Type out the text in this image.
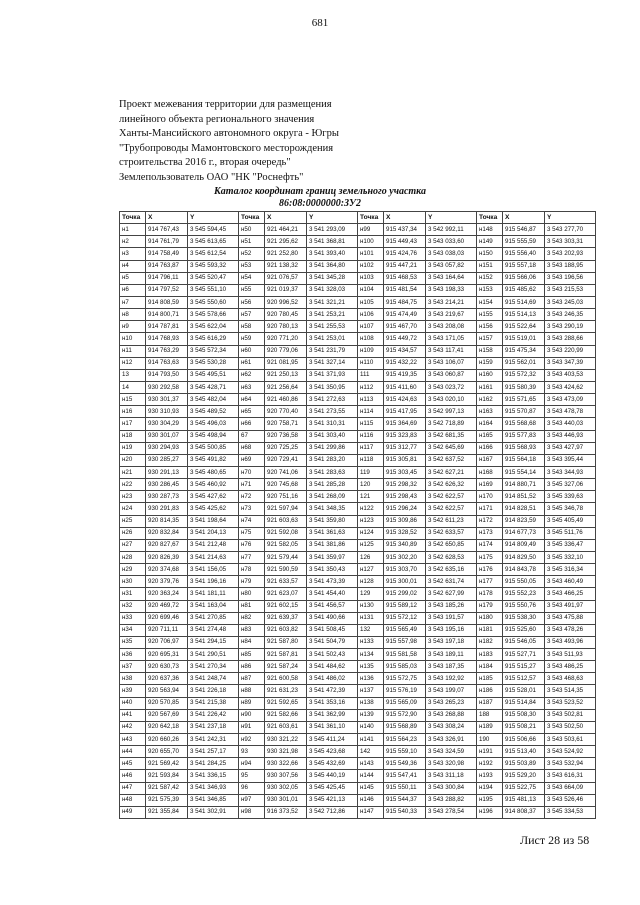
681
Проект межевания территории для размещения
линейного объекта регионального значения
Ханты-Мансийского автономного округа - Югры
"Трубопроводы Мамонтовского месторождения
строительства 2016 г., вторая очередь"
Землепользователь ОАО "НК "Роснефть"
Каталог координат границ земельного участка
86:08:0000000:ЗУ2
Точка	X	Y	Точка	X	Y	Точка	X	Y	Точка	X	Y
н1	914 767,43	3 545 594,45	н50	921 464,21	3 541 293,09	н99	915 437,34	3 542 992,11	н148	915 546,87	3 543 277,70
н2	914 761,79	3 545 613,65	н51	921 295,62	3 541 368,81	н100	915 449,43	3 543 033,60	н149	915 555,59	3 543 303,31
н3	914 758,49	3 545 612,54	н52	921 252,80	3 541 393,40	н101	915 424,76	3 543 038,03	н150	915 556,40	3 543 202,93
н4	914 763,87	3 545 593,32	н53	921 138,32	3 541 364,80	н102	915 447,21	3 543 057,82	н151	915 557,18	3 543 188,95
н5	914 796,11	3 545 520,47	н54	921 076,57	3 541 345,28	н103	915 468,53	3 543 164,64	н152	915 566,06	3 543 196,56
н6	914 797,52	3 545 551,10	н55	921 019,37	3 541 328,03	н104	915 481,54	3 543 198,33	н153	915 485,62	3 543 215,53
н7	914 808,59	3 545 550,60	н56	920 996,52	3 541 321,21	н105	915 484,75	3 543 214,21	н154	915 514,69	3 543 245,03
н8	914 800,71	3 545 578,66	н57	920 780,45	3 541 253,21	н106	915 474,49	3 543 219,67	н155	915 514,13	3 543 246,35
н9	914 787,81	3 545 622,04	н58	920 780,13	3 541 255,53	н107	915 467,70	3 543 208,08	н156	915 522,64	3 543 290,19
н10	914 768,93	3 545 616,29	н59	920 771,20	3 541 253,01	н108	915 449,72	3 543 171,05	н157	915 519,01	3 543 288,66
н11	914 763,29	3 545 572,34	н60	920 779,06	3 541 231,79	н109	915 434,57	3 543 117,41	н158	915 475,34	3 543 220,99
н12	914 763,63	3 545 530,28	н61	921 081,95	3 541 327,14	н110	915 432,22	3 543 106,07	н159	915 562,01	3 543 347,39
13	914 793,50	3 545 495,51	н62	921 250,13	3 541 371,93	111	915 419,35	3 543 060,87	н160	915 572,32	3 543 403,53
14	930 292,58	3 545 428,71	н63	921 256,64	3 541 350,95	н112	915 411,60	3 543 023,72	н161	915 580,39	3 543 424,62
н15	930 301,37	3 545 482,04	н64	921 460,86	3 541 272,63	н113	915 424,63	3 543 020,10	н162	915 571,65	3 543 473,09
н16	930 310,93	3 545 489,52	н65	920 770,40	3 541 273,55	н114	915 417,95	3 542 997,13	н163	915 570,87	3 543 478,78
н17	930 304,29	3 545 496,03	н66	920 758,71	3 541 310,31	н115	915 364,69	3 542 718,89	н164	915 568,68	3 543 440,03
н18	930 301,07	3 545 498,94	67	920 736,58	3 541 303,40	н116	915 323,83	3 542 681,35	н165	915 577,83	3 543 446,93
н19	930 294,93	3 545 500,85	н68	920 725,25	3 541 299,86	н117	915 312,77	3 542 645,69	н166	915 568,93	3 543 427,97
н20	930 285,27	3 545 491,82	н69	920 729,41	3 541 283,20	н118	915 305,81	3 542 637,52	н167	915 564,18	3 543 395,44
н21	930 291,13	3 545 480,65	н70	920 741,06	3 541 283,63	119	915 303,45	3 542 627,21	н168	915 554,14	3 543 344,93
н22	930 286,45	3 545 460,92	н71	920 745,68	3 541 285,28	120	915 298,32	3 542 626,32	н169	914 880,71	3 545 327,06
н23	930 287,73	3 545 427,62	н72	920 751,16	3 541 268,09	121	915 298,43	3 542 622,57	н170	914 851,52	3 545 339,63
н24	930 291,83	3 545 425,62	н73	921 597,94	3 541 348,35	н122	915 296,24	3 542 622,57	н171	914 828,51	3 545 346,78
н25	920 814,35	3 541 198,64	н74	921 603,63	3 541 359,80	н123	915 309,86	3 542 611,23	н172	914 823,59	3 545 405,49
н26	920 832,84	3 541 204,13	н75	921 592,08	3 541 361,63	н124	915 328,52	3 542 633,57	н173	914 677,73	3 545 511,76
н27	920 827,67	3 541 212,48	н76	921 582,05	3 541 381,86	н125	915 340,89	3 542 650,85	н174	914 809,49	3 545 336,47
н28	920 826,39	3 541 214,63	н77	921 579,44	3 541 359,97	126	915 302,20	3 542 628,53	н175	914 829,50	3 545 332,10
н29	920 374,68	3 541 156,05	н78	921 590,59	3 541 350,43	н127	915 303,70	3 542 635,16	н176	914 843,78	3 545 316,34
н30	920 379,76	3 541 196,16	н79	921 633,57	3 541 473,39	н128	915 300,01	3 542 631,74	н177	915 550,05	3 543 460,49
н31	920 363,24	3 541 181,11	н80	921 623,07	3 541 454,40	129	915 299,02	3 542 627,99	н178	915 552,23	3 543 466,25
н32	920 469,72	3 541 163,04	н81	921 602,15	3 541 456,57	н130	915 589,12	3 543 185,26	н179	915 550,76	3 543 491,97
н33	920 699,46	3 541 270,85	н82	921 639,37	3 541 490,66	н131	915 572,12	3 543 191,57	н180	915 538,30	3 543 475,88
н34	920 711,11	3 541 274,48	н83	921 603,82	3 541 508,45	132	915 565,49	3 543 195,16	н181	915 525,60	3 543 478,26
н35	920 706,97	3 541 294,15	н84	921 587,80	3 541 504,79	н133	915 557,98	3 543 197,18	н182	915 546,05	3 543 493,96
н36	920 695,31	3 541 290,51	н85	921 587,81	3 541 502,43	н134	915 581,58	3 543 189,11	н183	915 527,71	3 543 511,93
н37	920 630,73	3 541 270,34	н86	921 587,24	3 541 484,62	н135	915 585,03	3 543 187,35	н184	915 515,27	3 543 486,25
н38	920 637,36	3 541 248,74	н87	921 600,58	3 541 486,02	н136	915 572,75	3 543 192,92	н185	915 512,57	3 543 468,63
н39	920 563,94	3 541 226,18	н88	921 631,23	3 541 472,39	н137	915 576,19	3 543 199,07	н186	915 528,01	3 543 514,35
н40	920 570,85	3 541 215,38	н89	921 592,65	3 541 353,16	н138	915 565,09	3 543 265,23	н187	915 514,84	3 543 523,52
н41	920 567,69	3 541 226,42	н90	921 582,66	3 541 362,99	н139	915 572,90	3 543 268,88	188	915 508,30	3 543 502,81
н42	920 642,18	3 541 237,18	н91	921 603,61	3 541 361,10	н140	915 568,89	3 543 308,24	н189	915 508,21	3 543 502,50
н43	920 660,26	3 541 242,31	н92	930 321,22	3 545 411,24	н141	915 564,23	3 543 326,91	190	915 506,66	3 543 503,61
н44	920 655,70	3 541 257,17	93	930 321,98	3 545 423,68	142	915 559,10	3 543 324,59	н191	915 513,40	3 543 524,92
н45	921 569,42	3 541 284,25	н94	930 322,66	3 545 432,69	н143	915 549,36	3 543 320,98	н192	915 503,89	3 543 532,94
н46	921 593,84	3 541 336,15	95	930 307,56	3 545 440,19	н144	915 547,41	3 543 311,18	н193	915 529,20	3 543 616,31
н47	921 587,42	3 541 346,93	96	930 302,05	3 545 425,45	н145	915 550,11	3 543 300,84	н194	915 522,75	3 543 664,09
н48	921 575,39	3 541 346,85	н97	930 301,01	3 545 421,13	н146	915 544,37	3 543 288,82	н195	915 481,13	3 543 526,46
н49	921 355,84	3 541 302,91	н98	916 373,52	3 542 712,86	н147	915 540,33	3 543 278,54	н196	914 808,37	3 545 334,53
Лист 28 из 58
